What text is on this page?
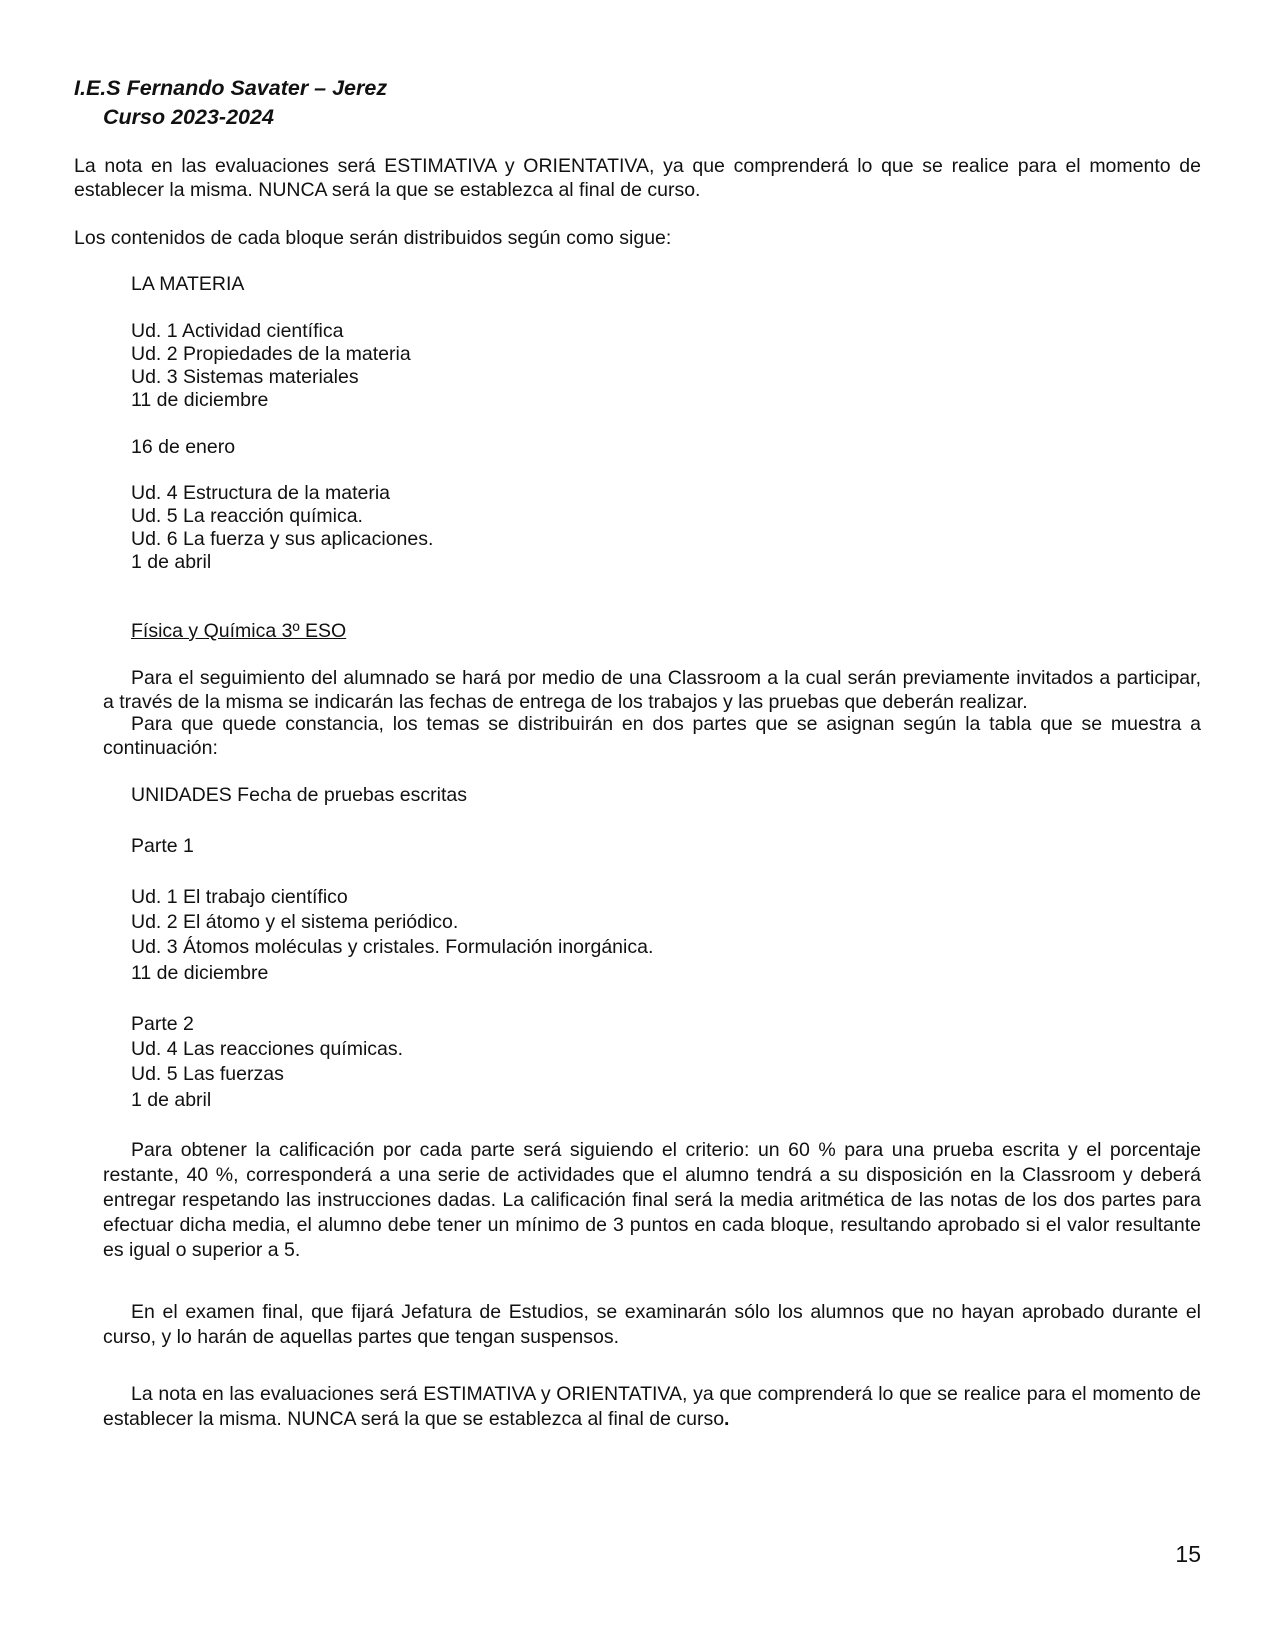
I.E.S Fernando Savater – Jerez
Curso 2023-2024

La nota en las evaluaciones será ESTIMATIVA y ORIENTATIVA, ya que comprenderá lo que se realice para el momento de establecer la misma. NUNCA será la que se establezca al final de curso.

Los contenidos de cada bloque serán distribuidos según como sigue:
LA MATERIA
Ud. 1 Actividad científica
Ud. 2 Propiedades de la materia
Ud. 3 Sistemas materiales
11 de diciembre
16 de enero
Ud. 4 Estructura de la materia
Ud. 5 La reacción química.
Ud. 6 La fuerza y sus aplicaciones.
1 de abril
Física y Química 3º ESO

Para el seguimiento del alumnado se hará por medio de una Classroom a la cual serán previamente invitados a participar, a través de la misma se indicarán las fechas de entrega de los trabajos y las pruebas que deberán realizar.

Para que quede constancia, los temas se distribuirán en dos partes que se asignan según la tabla que se muestra a continuación:

UNIDADES Fecha de pruebas escritas
Parte 1
Ud. 1 El trabajo científico
Ud. 2 El átomo y el sistema periódico.
Ud. 3 Átomos moléculas y cristales. Formulación inorgánica.
11 de diciembre
Parte 2
Ud. 4 Las reacciones químicas.
Ud. 5 Las fuerzas
1 de abril

Para obtener la calificación por cada parte será siguiendo el criterio: un 60 % para una prueba escrita y el porcentaje restante, 40 %, corresponderá a una serie de actividades que el alumno tendrá a su disposición en la Classroom y deberá entregar respetando las instrucciones dadas. La calificación final será la media aritmética de las notas de los dos partes para efectuar dicha media, el alumno debe tener un mínimo de 3 puntos en cada bloque, resultando aprobado si el valor resultante es igual o superior a 5.

En el examen final, que fijará Jefatura de Estudios, se examinarán sólo los alumnos que no hayan aprobado durante el curso, y lo harán de aquellas partes que tengan suspensos.

La nota en las evaluaciones será ESTIMATIVA y ORIENTATIVA, ya que comprenderá lo que se realice para el momento de establecer la misma. NUNCA será la que se establezca al final de curso.

15
